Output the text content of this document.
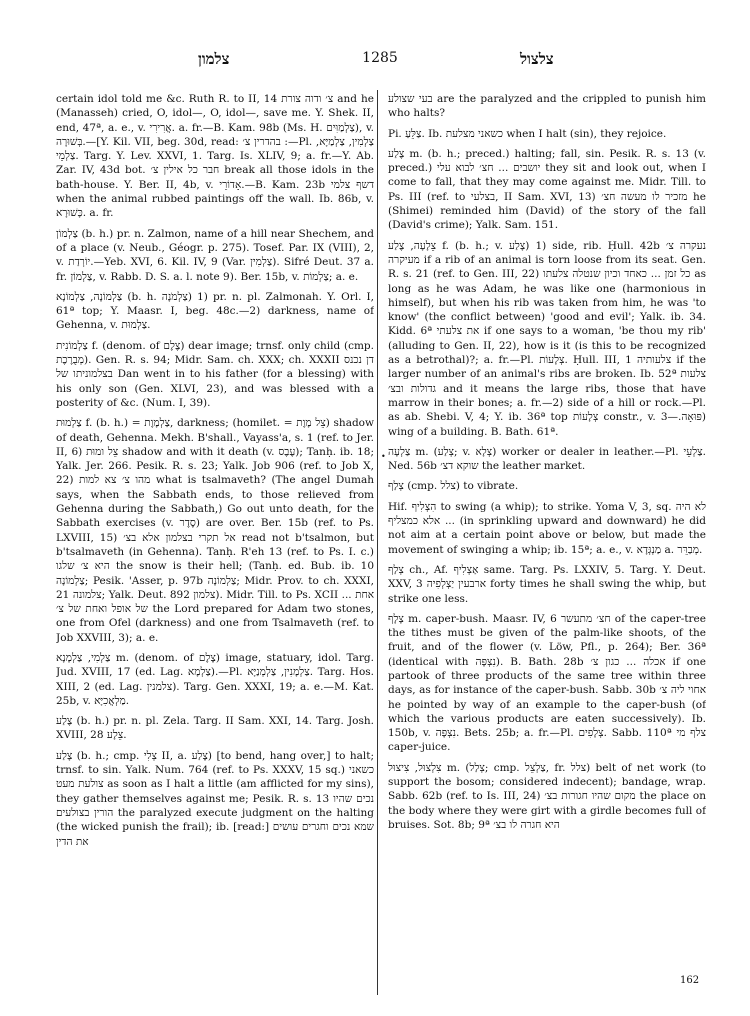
צלמון	1285	צלצול

certain idol told me &c. Ruth R. to II, 14 צ׳ ודוה צורת and he (Manasseh) cried, O, idol—, O, idol—, save me. Y. Shek. II, end, 47ª, a. e., v. אֲרִירִי. a. fr.—B. Kam. 98b (Ms. H. צַלְמַוִּים), v. בְּשׁוּרָה.—[Y. Kil. VII, beg. 30d, read: בהדרין צ׳ :—Pl. צַלְמִין, צַלְמַיָּא, צַלְמֵי. Targ. Y. Lev. XXVI, 1. Targ. Is. XLIV, 9; a. fr.—Y. Ab. Zar. IV, 43d bot. חבר כל אילין צ׳ break all those idols in the bath-house. Y. Ber. II, 4b, v. אָדוֹרֵי.—B. Kam. 23b דשף צלמי when the animal rubbed paintings off the wall. Ib. 86b, v. כָּשׁוּרָא. a. fr.

צַלְמוֹן (b. h.) pr. n. Zalmon, name of a hill near Shechem, and of a place (v. Neub., Géogr. p. 275). Tosef. Par. IX (VIII), 2, v. יוֹרְדַת.—Yeb. XVI, 6. Kil. IV, 9 (Var. צַלְמִין). Sifré Deut. 37 a. fr. צַלְמוֹן, v. Rabb. D. S. a. l. note 9). Ber. 15b, v. צַלְמוֹת; a. e.

צַלְמוֹנָה, צַלְמוֹנָא (b. h. צַלְמֹנָה) 1) pr. n. pl. Zalmonah. Y. Orl. I, 61ª top; Y. Maasr. I, beg. 48c.—2) darkness, name of Gehenna, v. צַלְמוּת.

צַלְמוֹנִית f. (denom. of צֶלֶם) dear image; trnsf. only child (cmp. מְבֻרֶכֶת). Gen. R. s. 94; Midr. Sam. ch. XXX; ch. XXXII דן נכנס בצלמוניתו של Dan went in to his father (for a blessing) with his only son (Gen. XLVI, 23), and was blessed with a posterity of &c. (Num. I, 39).

צַלְמוּת f. (b. h.) = צַלְמָוֶת, darkness; (homilet. = צֵל מָוֶת) shadow of death, Gehenna. Mekh. B'shall., Vayass'a, s. 1 (ref. to Jer. II, 6) צֵל ומוּת shadow and with it death (v. עֶבֶס); Tanḥ. ib. 18; Yalk. Jer. 266. Pesik. R. s. 23; Yalk. Job 906 (ref. to Job X, 22) מהו צ׳ צא למות what is tsalmaveth? (The angel Dumah says, when the Sabbath ends, to those relieved from Gehenna during the Sabbath,) Go out unto death, for the Sabbath exercises (v. סֶדֶר) are over. Ber. 15b (ref. to Ps. LXVIII, 15) אל תקרי בצלמון אלא בצ׳ read not b'tsalmon, but b'tsalmaveth (in Gehenna). Tanḥ. R'eh 13 (ref. to Ps. I. c.) היא צ׳ שלגו the snow is their hell; (Tanḥ. ed. Bub. ib. 10 צַלְמוֹנָה; Pesik. 'Asser, p. 97b צַלְמוֹנָה; Midr. Prov. to ch. XXXI, 21 צלמונה; Yalk. Deut. 892 צלמון). Midr. Till. to Ps. XCII ... אחת של אופל ואחת של צ׳ the Lord prepared for Adam two stones, one from Ofel (darkness) and one from Tsalmaveth (ref. to Job XXVIII, 3); a. e.

צַלְמִי, צַלְמָנָא m. (denom. of צֶלֶם) image, statuary, idol. Targ. Jud. XVIII, 17 (ed. Lag. צַלְמָא).—Pl. צַלְמָנִין, צַלְמְנַיָּא. Targ. Hos. XIII, 2 (ed. Lag. צלמנין). Targ. Gen. XXXI, 19; a. e.—M. Kat. 25b, v. מַלְאֲכִיָּא.

צֶלַע (b. h.) pr. n. pl. Zela. Targ. II Sam. XXI, 14. Targ. Josh. XVIII, 28 צֵלָע.

צָלַע (b. h.; cmp. צְלִי II, a. צֶלַע) [to bend, hang over,] to halt; trnsf. to sin. Yalk. Num. 764 (ref. to Ps. XXXV, 15 sq.) כשאני צולעת מעט as soon as I halt a little (am afflicted for my sins), they gather themselves against me; Pesik. R. s. 13 נכים שהיו הורין בצולעים the paralyzed execute judgment on the halting (the wicked punish the frail); ib. [read:] שמא נכים וחגרים עושים את הדין

•

בעי שצולע are the paralyzed and the crippled to punish him who halts?

Pi. צַלֵּעַ. Ib. כשאני מצלעת when I halt (sin), they rejoice.

צֶלַע m. (b. h.; preced.) halting; fall, sin. Pesik. R. s. 13 (v. preced.) יושבים ... חצ׳ לבוא עלי they sit and look out, when I come to fall, that they may come against me. Midr. Till. to Ps. III (ref. to בצלעי, II Sam. XVI, 13) מזכיר לו מעשה חצ׳ he (Shimei) reminded him (David) of the story of the fall (David's crime); Yalk. Sam. 151.

צֵלָעָה, צֶלַע f. (b. h.; v. צָלַע) 1) side, rib. Ḥull. 42b נעקרה צ׳ מעיקרה if a rib of an animal is torn loose from its seat. Gen. R. s. 21 (ref. to Gen. III, 22) כל זמן ... כאחד וכיון שנטלה צלעתו as long as he was Adam, he was like one (harmonious in himself), but when his rib was taken from him, he was 'to know' (the conflict between) 'good and evil'; Yalk. ib. 34. Kidd. 6ª את צלעתי if one says to a woman, 'be thou my rib' (alluding to Gen. II, 22), how is it (is this to be recognized as a betrothal)?; a. fr.—Pl. צְלָעוֹת. Ḥull. III, 1 צלעותיה if the larger number of an animal's ribs are broken. Ib. 52ª צלעות גדולות ובצ׳ and it means the large ribs, those that have marrow in their bones; a. fr.—2) side of a hill or rock.—Pl. as ab. Shebi. V, 4; Y. ib. 36ª top צְלָעוֹת constr., v. פּוּאָה.—3) wing of a building. B. Bath. 61ª.

צַלְעָה m. (צְלַע; v. צְלָא) worker or dealer in leather.—Pl. צַלְעֵי. Ned. 56b שוקא דצ׳ the leather market.

צְלַף (cmp. צלל) to vibrate.

Hif. הִצְלִיף to swing (a whip); to strike. Yoma V, 3, sq. לא היה ... אלא כמצליף (in sprinkling upward and downward) he did not aim at a certain point above or below, but made the movement of swinging a whip; ib. 15ª; a. e., v. מַנְגְּדָא a. מְבַרֵּר.

צְלַף ch., Af. אַצְלִיף same. Targ. Ps. LXXIV, 5. Targ. Y. Deut. XXV, 3 ארבעין יַצְלְפִיה forty times he shall swing the whip, but strike one less.

צָלָף m. caper-bush. Maasr. IV, 6 חצ׳ מתעשר of the caper-tree the tithes must be given of the palm-like shoots, of the fruit, and of the flower (v. Löw, Pfl., p. 264); Ber. 36ª (identical with נִצְפָּה). B. Bath. 28b אכלה ... כגון צ׳ if one partook of three products of the same tree within three days, as for instance of the caper-bush. Sabb. 30b אחוי ליה צ׳ he pointed by way of an example to the caper-bush (of which the various products are eaten successively). Ib. 150b, v. נִצְפָּה. Bets. 25b; a. fr.—Pl. צְלָפִים. Sabb. 110ª צלף מי caper-juice.

צִלְצוּל, צִיצוּל m. (צְלַל; cmp. צַלְצֵל, fr. צלל) belt of net work (to support the bosom; considered indecent); bandage, wrap. Sabb. 62b (ref. to Is. III, 24) מקום שהיו חגורות בצ׳ the place on the body where they were girt with a girdle becomes full of bruises. Sot. 8b; 9ª היא חגרה לו בצ׳

162
